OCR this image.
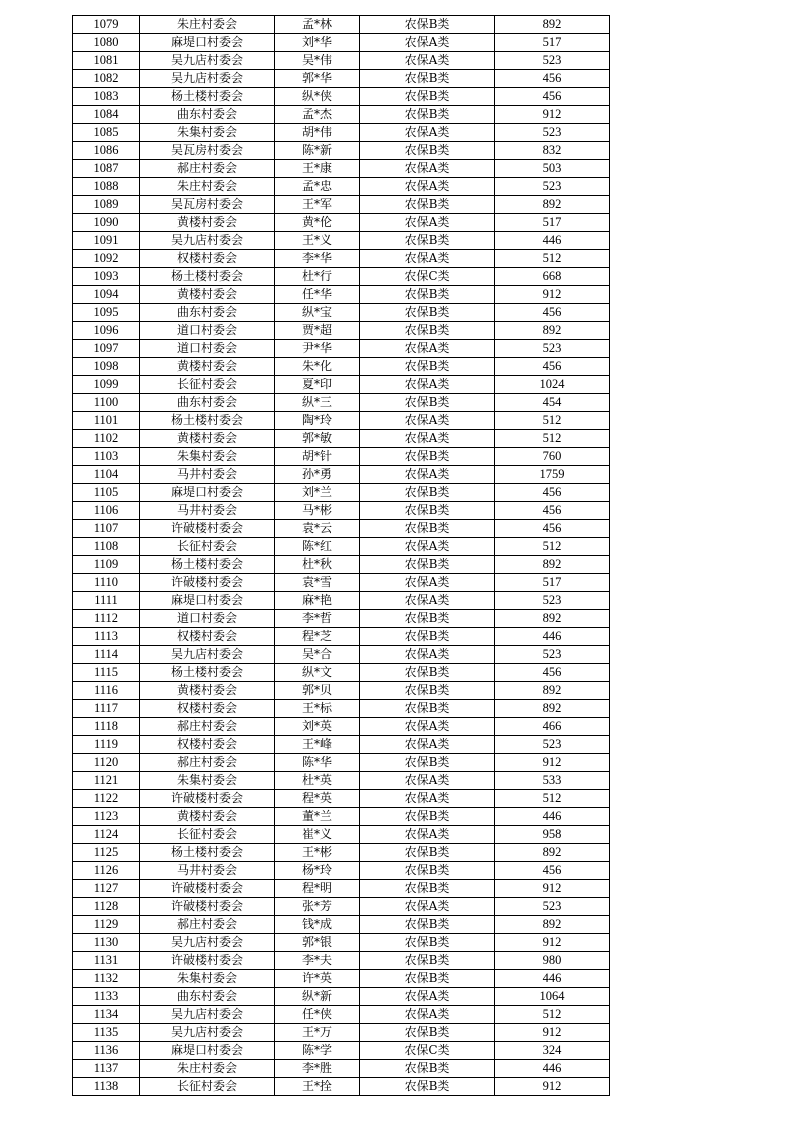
1079	朱庄村委会	孟*林	农保B类	892
1080	麻堤口村委会	刘*华	农保A类	517
1081	吴九店村委会	吴*伟	农保A类	523
1082	吴九店村委会	郭*华	农保B类	456
1083	杨土楼村委会	纵*侠	农保B类	456
1084	曲东村委会	孟*杰	农保B类	912
1085	朱集村委会	胡*伟	农保A类	523
1086	吴瓦房村委会	陈*新	农保B类	832
1087	郝庄村委会	王*康	农保A类	503
1088	朱庄村委会	孟*忠	农保A类	523
1089	吴瓦房村委会	王*军	农保B类	892
1090	黄楼村委会	黄*伦	农保A类	517
1091	吴九店村委会	王*义	农保B类	446
1092	权楼村委会	李*华	农保A类	512
1093	杨土楼村委会	杜*行	农保C类	668
1094	黄楼村委会	任*华	农保B类	912
1095	曲东村委会	纵*宝	农保B类	456
1096	道口村委会	贾*超	农保B类	892
1097	道口村委会	尹*华	农保A类	523
1098	黄楼村委会	朱*化	农保B类	456
1099	长征村委会	夏*印	农保A类	1024
1100	曲东村委会	纵*三	农保B类	454
1101	杨土楼村委会	陶*玲	农保A类	512
1102	黄楼村委会	郭*敏	农保A类	512
1103	朱集村委会	胡*针	农保B类	760
1104	马井村委会	孙*勇	农保A类	1759
1105	麻堤口村委会	刘*兰	农保B类	456
1106	马井村委会	马*彬	农保B类	456
1107	许破楼村委会	袁*云	农保B类	456
1108	长征村委会	陈*红	农保A类	512
1109	杨土楼村委会	杜*秋	农保B类	892
1110	许破楼村委会	袁*雪	农保A类	517
1111	麻堤口村委会	麻*艳	农保A类	523
1112	道口村委会	李*哲	农保B类	892
1113	权楼村委会	程*芝	农保B类	446
1114	吴九店村委会	吴*合	农保A类	523
1115	杨土楼村委会	纵*文	农保B类	456
1116	黄楼村委会	郭*贝	农保B类	892
1117	权楼村委会	王*标	农保B类	892
1118	郝庄村委会	刘*英	农保A类	466
1119	权楼村委会	王*峰	农保A类	523
1120	郝庄村委会	陈*华	农保B类	912
1121	朱集村委会	杜*英	农保A类	533
1122	许破楼村委会	程*英	农保A类	512
1123	黄楼村委会	董*兰	农保B类	446
1124	长征村委会	崔*义	农保A类	958
1125	杨土楼村委会	王*彬	农保B类	892
1126	马井村委会	杨*玲	农保B类	456
1127	许破楼村委会	程*明	农保B类	912
1128	许破楼村委会	张*芳	农保A类	523
1129	郝庄村委会	钱*成	农保B类	892
1130	吴九店村委会	郭*银	农保B类	912
1131	许破楼村委会	李*夫	农保B类	980
1132	朱集村委会	许*英	农保B类	446
1133	曲东村委会	纵*新	农保A类	1064
1134	吴九店村委会	任*侠	农保A类	512
1135	吴九店村委会	王*万	农保B类	912
1136	麻堤口村委会	陈*学	农保C类	324
1137	朱庄村委会	李*胜	农保B类	446
1138	长征村委会	王*拴	农保B类	912
